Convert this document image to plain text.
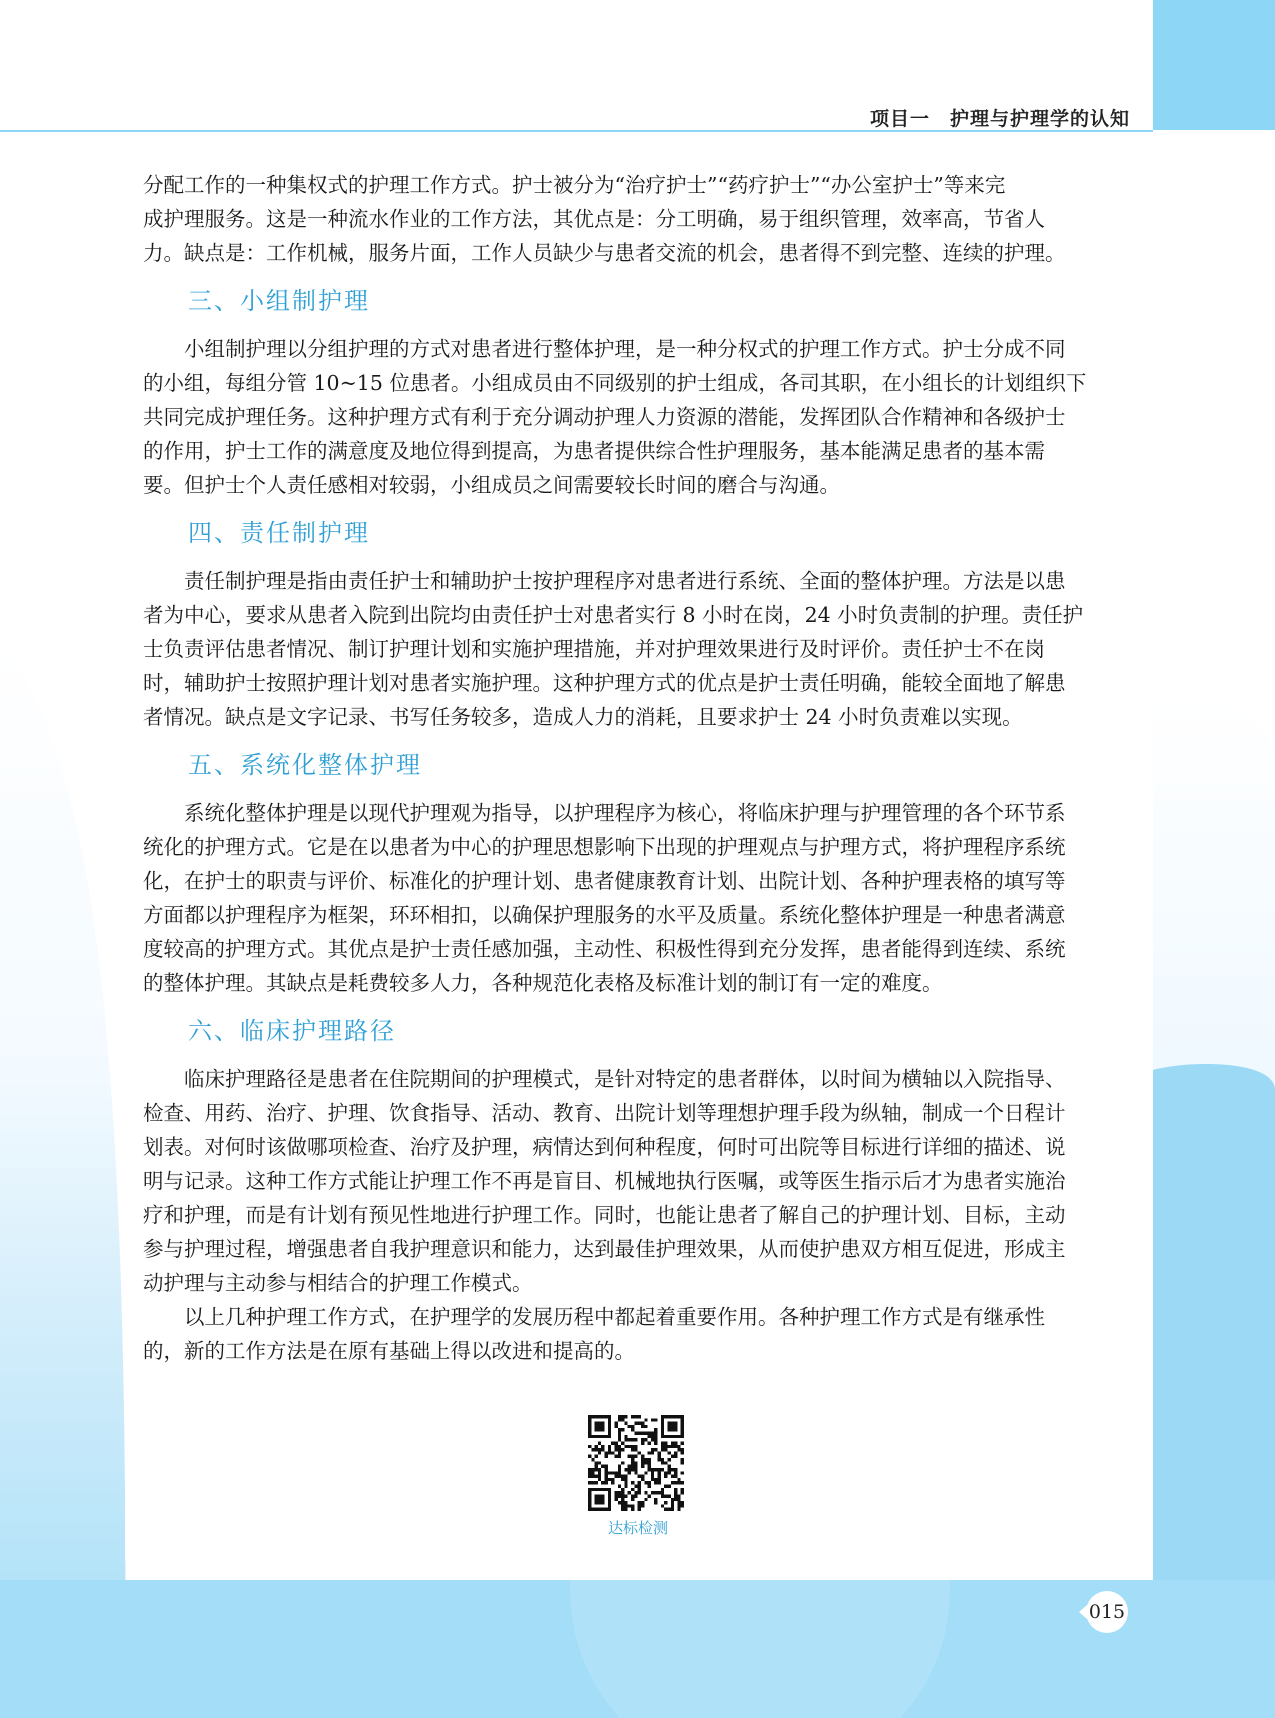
项目一　护理与护理学的认知

分配工作的一种集权式的护理工作方式。护士被分为“治疗护士”“药疗护士”“办公室护士”等来完

成护理服务。这是一种流水作业的工作方法，其优点是：分工明确，易于组织管理，效率高，节省人

力。缺点是：工作机械，服务片面，工作人员缺少与患者交流的机会，患者得不到完整、连续的护理。

三、小组制护理

小组制护理以分组护理的方式对患者进行整体护理，是一种分权式的护理工作方式。护士分成不同

的小组，每组分管 10~15 位患者。小组成员由不同级别的护士组成，各司其职，在小组长的计划组织下

共同完成护理任务。这种护理方式有利于充分调动护理人力资源的潜能，发挥团队合作精神和各级护士

的作用，护士工作的满意度及地位得到提高，为患者提供综合性护理服务，基本能满足患者的基本需

要。但护士个人责任感相对较弱，小组成员之间需要较长时间的磨合与沟通。

四、责任制护理

责任制护理是指由责任护士和辅助护士按护理程序对患者进行系统、全面的整体护理。方法是以患

者为中心，要求从患者入院到出院均由责任护士对患者实行 8 小时在岗，24 小时负责制的护理。责任护

士负责评估患者情况、制订护理计划和实施护理措施，并对护理效果进行及时评价。责任护士不在岗

时，辅助护士按照护理计划对患者实施护理。这种护理方式的优点是护士责任明确，能较全面地了解患

者情况。缺点是文字记录、书写任务较多，造成人力的消耗，且要求护士 24 小时负责难以实现。

五、系统化整体护理

系统化整体护理是以现代护理观为指导，以护理程序为核心，将临床护理与护理管理的各个环节系

统化的护理方式。它是在以患者为中心的护理思想影响下出现的护理观点与护理方式，将护理程序系统

化，在护士的职责与评价、标准化的护理计划、患者健康教育计划、出院计划、各种护理表格的填写等

方面都以护理程序为框架，环环相扣，以确保护理服务的水平及质量。系统化整体护理是一种患者满意

度较高的护理方式。其优点是护士责任感加强，主动性、积极性得到充分发挥，患者能得到连续、系统

的整体护理。其缺点是耗费较多人力，各种规范化表格及标准计划的制订有一定的难度。

六、临床护理路径

临床护理路径是患者在住院期间的护理模式，是针对特定的患者群体，以时间为横轴以入院指导、

检查、用药、治疗、护理、饮食指导、活动、教育、出院计划等理想护理手段为纵轴，制成一个日程计

划表。对何时该做哪项检查、治疗及护理，病情达到何种程度，何时可出院等目标进行详细的描述、说

明与记录。这种工作方式能让护理工作不再是盲目、机械地执行医嘱，或等医生指示后才为患者实施治

疗和护理，而是有计划有预见性地进行护理工作。同时，也能让患者了解自己的护理计划、目标，主动

参与护理过程，增强患者自我护理意识和能力，达到最佳护理效果，从而使护患双方相互促进，形成主

动护理与主动参与相结合的护理工作模式。

以上几种护理工作方式，在护理学的发展历程中都起着重要作用。各种护理工作方式是有继承性

的，新的工作方法是在原有基础上得以改进和提高的。

达标检测
015
